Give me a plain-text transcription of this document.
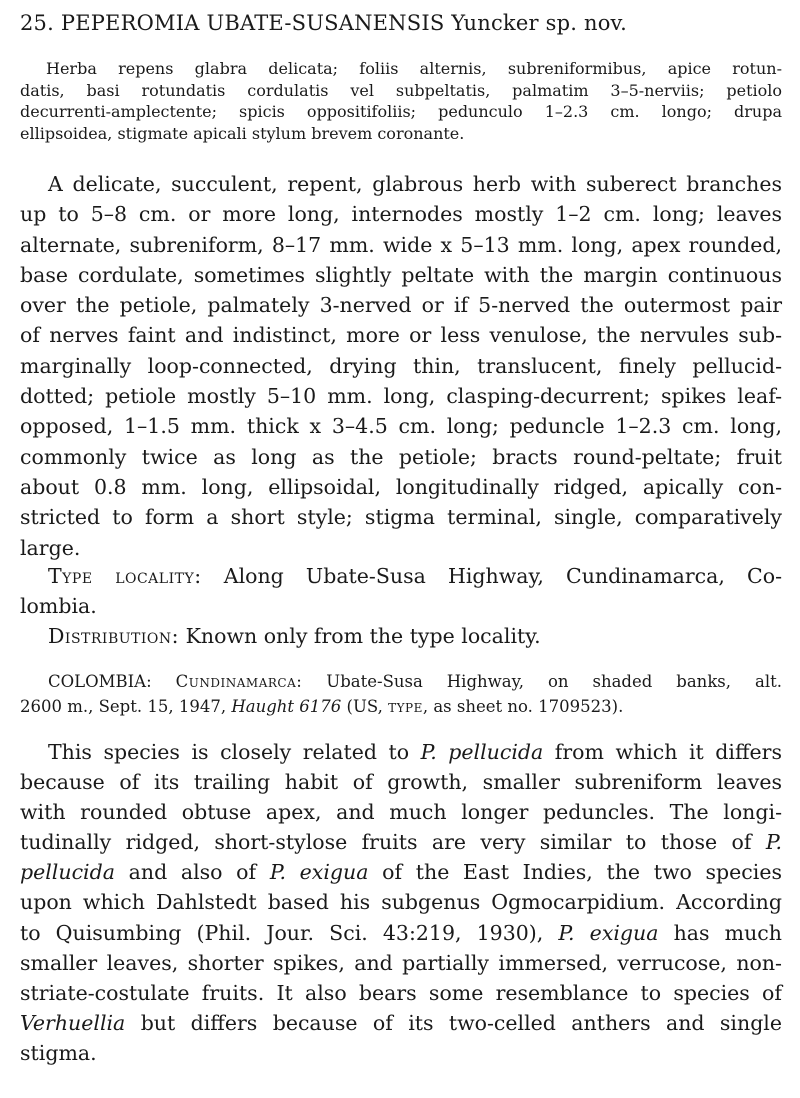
25. PEPEROMIA UBATE-SUSANENSIS Yuncker sp. nov.
Herba repens glabra delicata; foliis alternis, subreniformibus, apice rotun-
datis, basi rotundatis cordulatis vel subpeltatis, palmatim 3–5-nerviis; petiolo
decurrenti-amplectente; spicis oppositifoliis; pedunculo 1–2.3 cm. longo; drupa
ellipsoidea, stigmate apicali stylum brevem coronante.
A delicate, succulent, repent, glabrous herb with suberect branches
up to 5–8 cm. or more long, internodes mostly 1–2 cm. long; leaves
alternate, subreniform, 8–17 mm. wide x 5–13 mm. long, apex rounded,
base cordulate, sometimes slightly peltate with the margin continuous
over the petiole, palmately 3-nerved or if 5-nerved the outermost pair
of nerves faint and indistinct, more or less venulose, the nervules sub-
marginally loop-connected, drying thin, translucent, finely pellucid-
dotted; petiole mostly 5–10 mm. long, clasping-decurrent; spikes leaf-
opposed, 1–1.5 mm. thick x 3–4.5 cm. long; peduncle 1–2.3 cm. long,
commonly twice as long as the petiole; bracts round-peltate; fruit
about 0.8 mm. long, ellipsoidal, longitudinally ridged, apically con-
stricted to form a short style; stigma terminal, single, comparatively
large.
Type locality: Along Ubate-Susa Highway, Cundinamarca, Co-
lombia.
Distribution: Known only from the type locality.
COLOMBIA: Cundinamarca: Ubate-Susa Highway, on shaded banks, alt.
2600 m., Sept. 15, 1947, Haught 6176 (US, type, as sheet no. 1709523).
This species is closely related to P. pellucida from which it differs
because of its trailing habit of growth, smaller subreniform leaves
with rounded obtuse apex, and much longer peduncles. The longi-
tudinally ridged, short-stylose fruits are very similar to those of P.
pellucida and also of P. exigua of the East Indies, the two species
upon which Dahlstedt based his subgenus Ogmocarpidium. According
to Quisumbing (Phil. Jour. Sci. 43:219, 1930), P. exigua has much
smaller leaves, shorter spikes, and partially immersed, verrucose, non-
striate-costulate fruits. It also bears some resemblance to species of
Verhuellia but differs because of its two-celled anthers and single
stigma.
